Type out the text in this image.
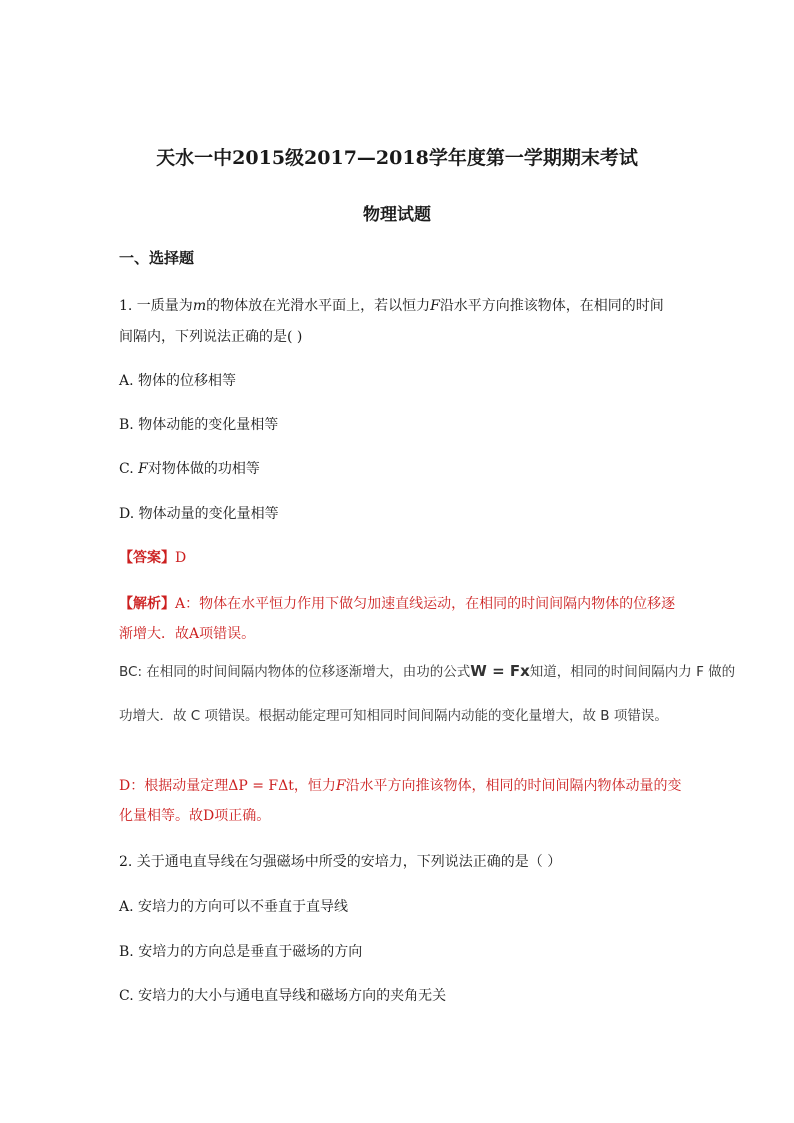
天水一中2015级2017—2018学年度第一学期期末考试
物理试题
一、选择题
1. 一质量为m的物体放在光滑水平面上，若以恒力F沿水平方向推该物体，在相同的时间
间隔内，下列说法正确的是( )
A. 物体的位移相等
B. 物体动能的变化量相等
C. F对物体做的功相等
D. 物体动量的变化量相等
【答案】D
【解析】A：物体在水平恒力作用下做匀加速直线运动，在相同的时间间隔内物体的位移逐
渐增大．故A项错误。
BC: 在相同的时间间隔内物体的位移逐渐增大，由功的公式W = Fx知道，相同的时间间隔内力 F 做的
功增大．故 C 项错误。根据动能定理可知相同时间间隔内动能的变化量增大，故 B 项错误。
D：根据动量定理ΔP = FΔt，恒力F沿水平方向推该物体，相同的时间间隔内物体动量的变
化量相等。故D项正确。
2. 关于通电直导线在匀强磁场中所受的安培力，下列说法正确的是（ ）
A. 安培力的方向可以不垂直于直导线
B. 安培力的方向总是垂直于磁场的方向
C. 安培力的大小与通电直导线和磁场方向的夹角无关
